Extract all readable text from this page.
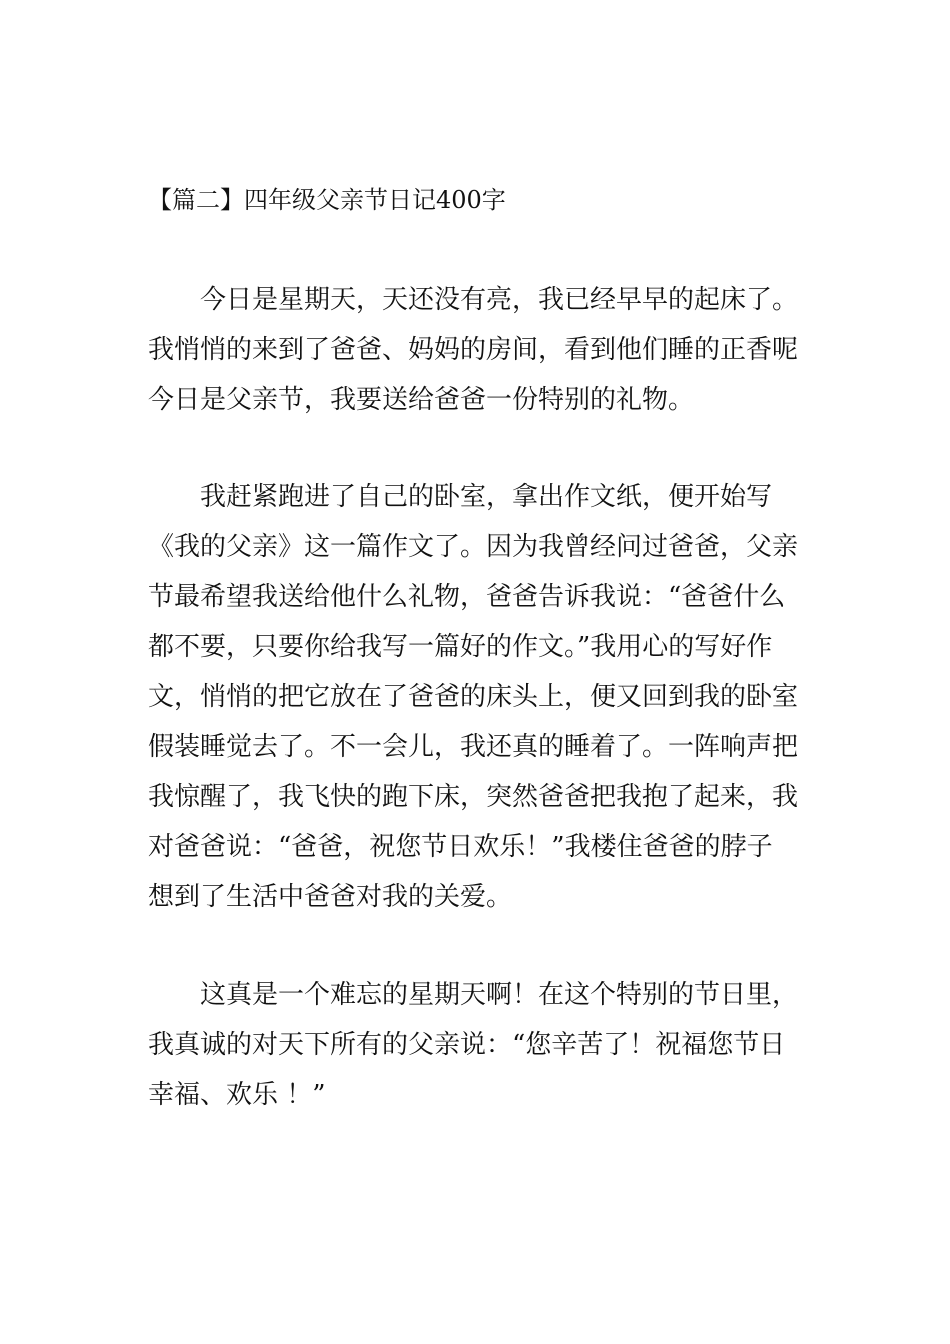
【篇二】四年级父亲节日记400字
今日是星期天，天还没有亮，我已经早早的起床了。
我悄悄的来到了爸爸、妈妈的房间，看到他们睡的正香呢
今日是父亲节，我要送给爸爸一份特别的礼物。
我赶紧跑进了自己的卧室，拿出作文纸，便开始写
《我的父亲》这一篇作文了。因为我曾经问过爸爸，父亲
节最希望我送给他什么礼物，爸爸告诉我说：“爸爸什么
都不要，只要你给我写一篇好的作文。”我用心的写好作
文，悄悄的把它放在了爸爸的床头上，便又回到我的卧室
假装睡觉去了。不一会儿，我还真的睡着了。一阵响声把
我惊醒了，我飞快的跑下床，突然爸爸把我抱了起来，我
对爸爸说：“爸爸，祝您节日欢乐！”我楼住爸爸的脖子
想到了生活中爸爸对我的关爱。
这真是一个难忘的星期天啊！在这个特别的节日里，
我真诚的对天下所有的父亲说：“您辛苦了！祝福您节日
幸福、欢乐 ！”
